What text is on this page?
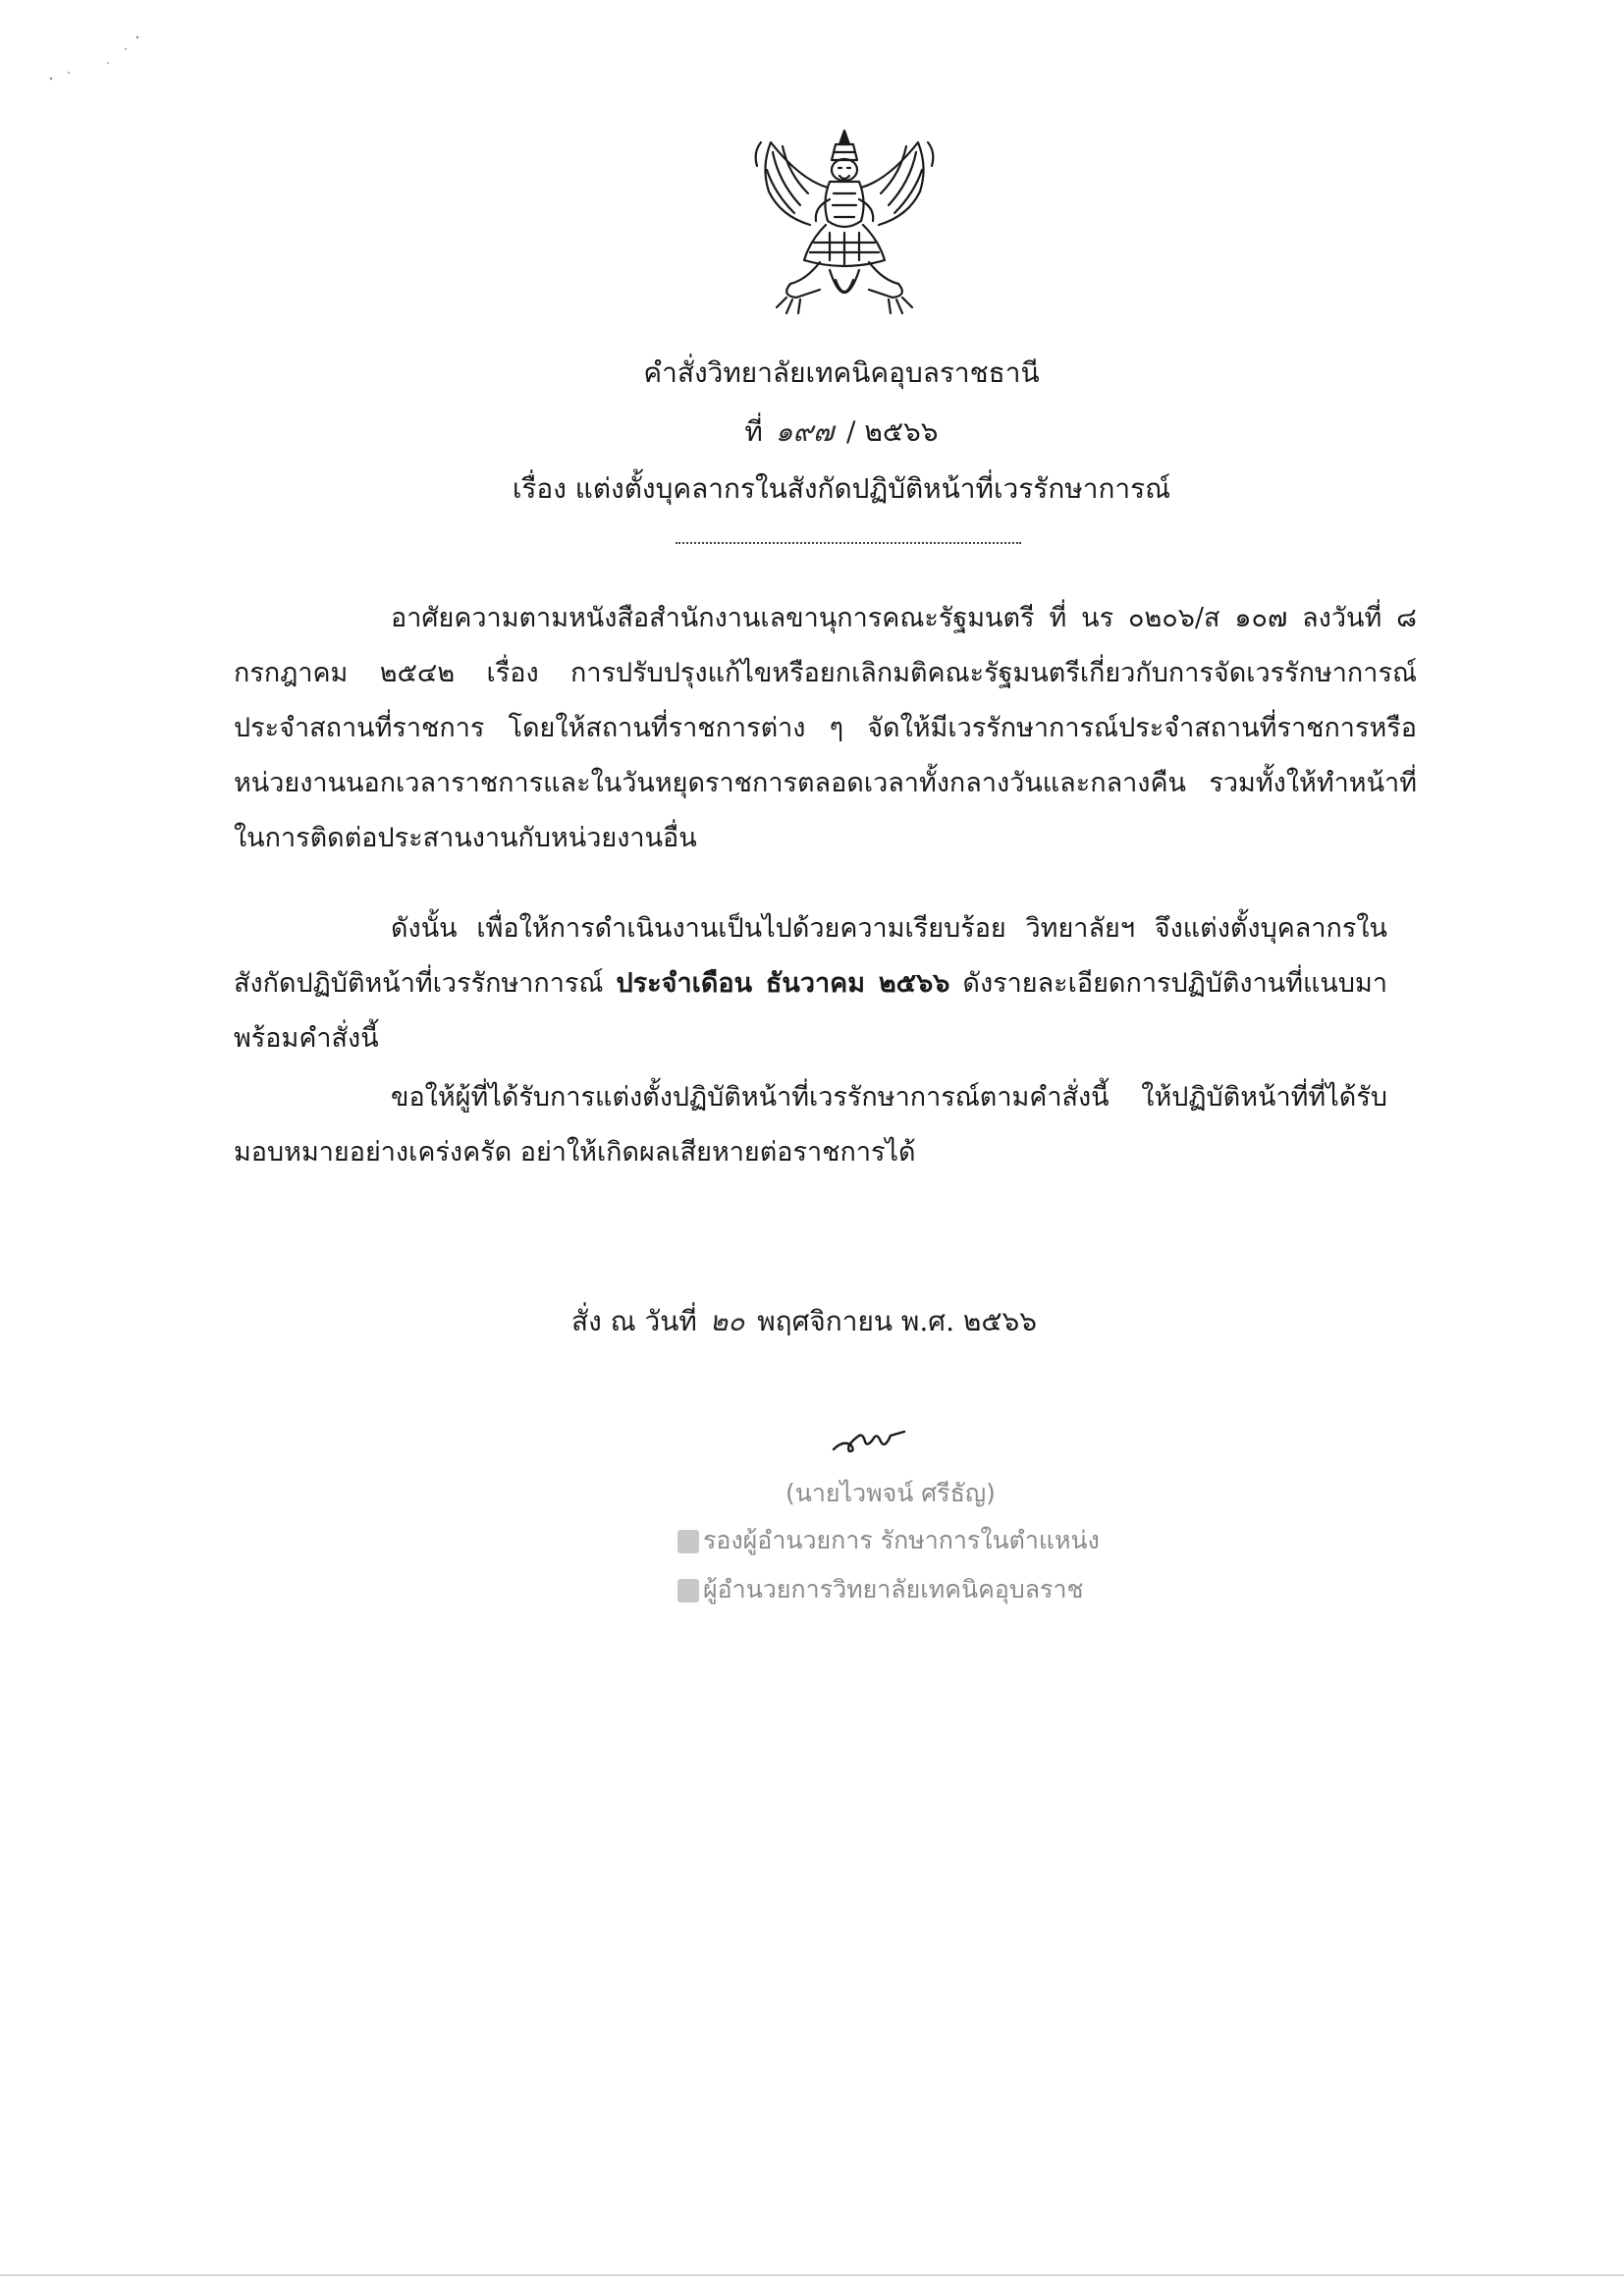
คำสั่งวิทยาลัยเทคนิคอุบลราชธานี
ที่ ๑๙๗ / ๒๕๖๖
เรื่อง แต่งตั้งบุคลากรในสังกัดปฏิบัติหน้าที่เวรรักษาการณ์
อาศัยความตามหนังสือสำนักงานเลขานุการคณะรัฐมนตรี ที่ นร ๐๒๐๖/ส ๑๐๗ ลงวันที่ ๘ กรกฎาคม ๒๕๔๒ เรื่อง การปรับปรุงแก้ไขหรือยกเลิกมติคณะรัฐมนตรีเกี่ยวกับการจัดเวรรักษาการณ์ประจำสถานที่ราชการ โดยให้สถานที่ราชการต่าง ๆ จัดให้มีเวรรักษาการณ์ประจำสถานที่ราชการหรือหน่วยงานนอกเวลาราชการและในวันหยุดราชการตลอดเวลาทั้งกลางวันและกลางคืน รวมทั้งให้ทำหน้าที่ในการติดต่อประสานงานกับหน่วยงานอื่น
ดังนั้น เพื่อให้การดำเนินงานเป็นไปด้วยความเรียบร้อย วิทยาลัยฯ จึงแต่งตั้งบุคลากรในสังกัดปฏิบัติหน้าที่เวรรักษาการณ์ ประจำเดือน ธันวาคม ๒๕๖๖ ดังรายละเอียดการปฏิบัติงานที่แนบมาพร้อมคำสั่งนี้
ขอให้ผู้ที่ได้รับการแต่งตั้งปฏิบัติหน้าที่เวรรักษาการณ์ตามคำสั่งนี้ ให้ปฏิบัติหน้าที่ที่ได้รับมอบหมายอย่างเคร่งครัด อย่าให้เกิดผลเสียหายต่อราชการได้
สั่ง ณ วันที่ ๒๐ พฤศจิกายน พ.ศ. ๒๕๖๖
(นายไวพจน์ ศรีธัญ)
รองผู้อำนวยการ รักษาการในตำแหน่ง
ผู้อำนวยการวิทยาลัยเทคนิคอุบลราช
